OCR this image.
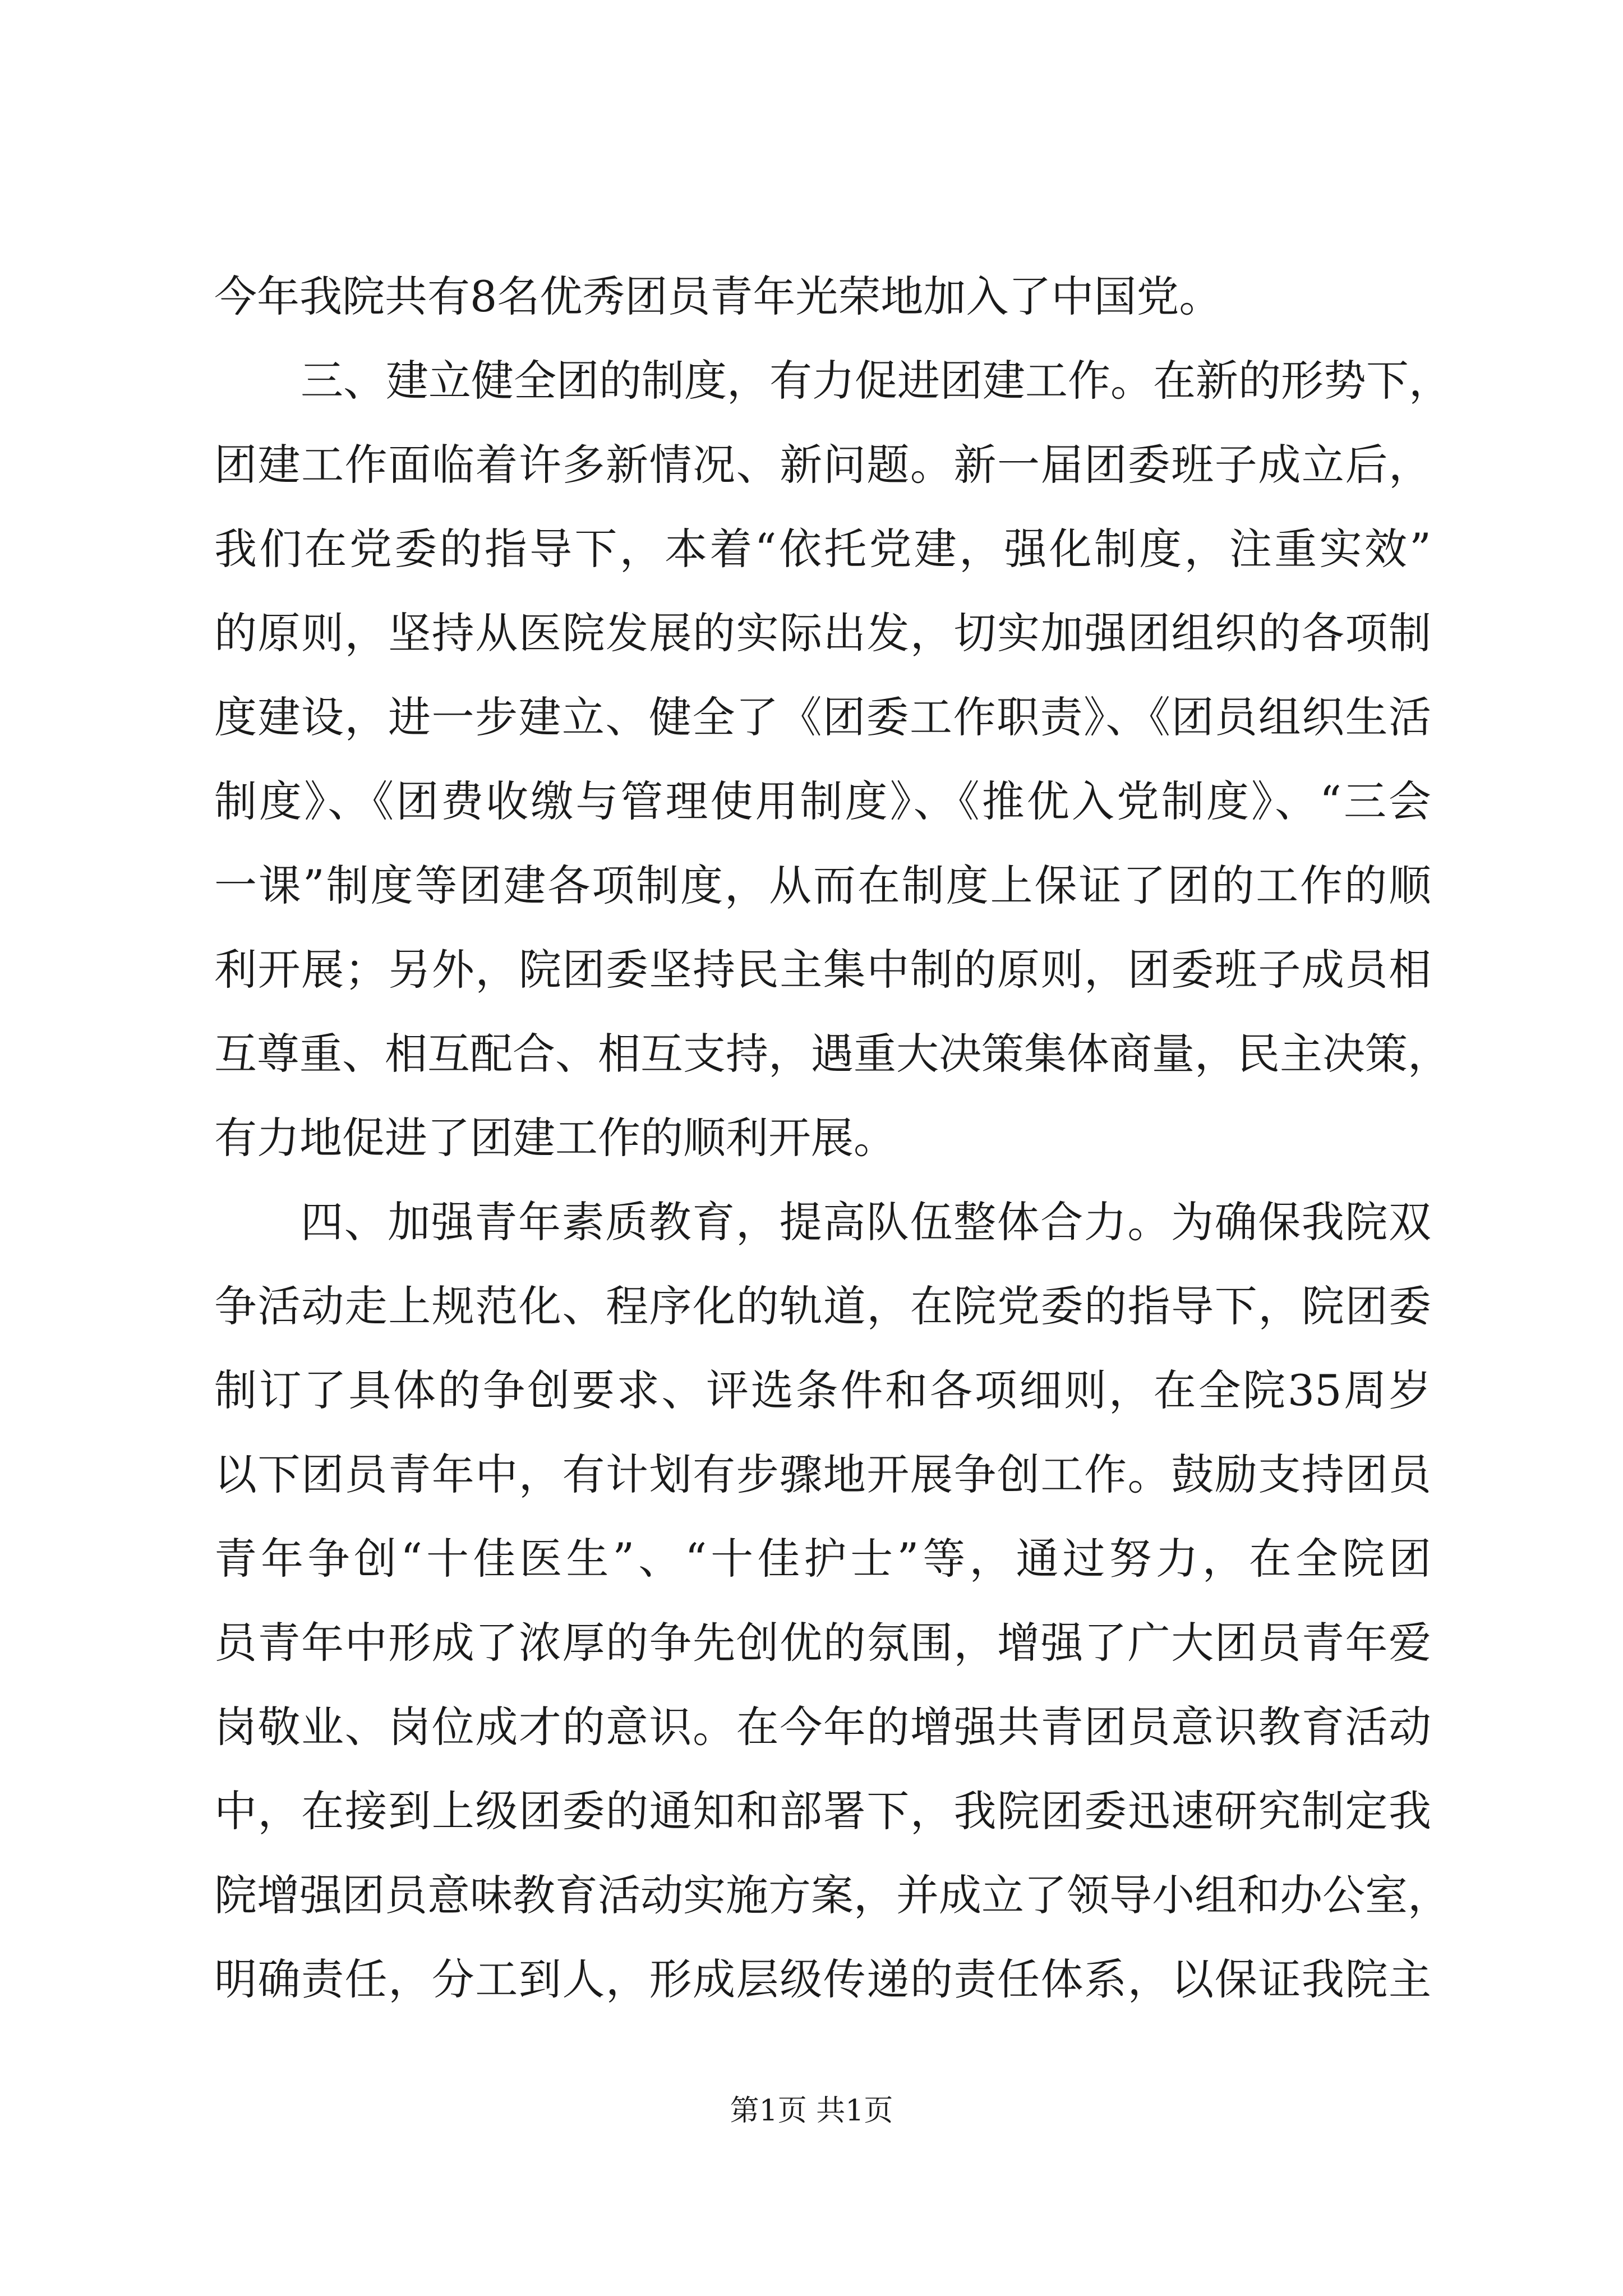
今年我院共有8名优秀团员青年光荣地加入了中国党。
三、建立健全团的制度，有力促进团建工作。在新的形势下，
团建工作面临着许多新情况、新问题。新一届团委班子成立后，
我们在党委的指导下，本着“依托党建，强化制度，注重实效”
的原则，坚持从医院发展的实际出发，切实加强团组织的各项制
度建设，进一步建立、健全了《团委工作职责》、《团员组织生活
制度》、《团费收缴与管理使用制度》、《推优入党制度》、“三会
一课”制度等团建各项制度，从而在制度上保证了团的工作的顺
利开展；另外，院团委坚持民主集中制的原则，团委班子成员相
互尊重、相互配合、相互支持，遇重大决策集体商量，民主决策，
有力地促进了团建工作的顺利开展。
四、加强青年素质教育，提高队伍整体合力。为确保我院双
争活动走上规范化、程序化的轨道，在院党委的指导下，院团委
制订了具体的争创要求、评选条件和各项细则，在全院35周岁
以下团员青年中，有计划有步骤地开展争创工作。鼓励支持团员
青年争创“十佳医生”、“十佳护士”等，通过努力，在全院团
员青年中形成了浓厚的争先创优的氛围，增强了广大团员青年爱
岗敬业、岗位成才的意识。在今年的增强共青团员意识教育活动
中，在接到上级团委的通知和部署下，我院团委迅速研究制定我
院增强团员意味教育活动实施方案，并成立了领导小组和办公室，
明确责任，分工到人，形成层级传递的责任体系，以保证我院主
第1页 共1页
